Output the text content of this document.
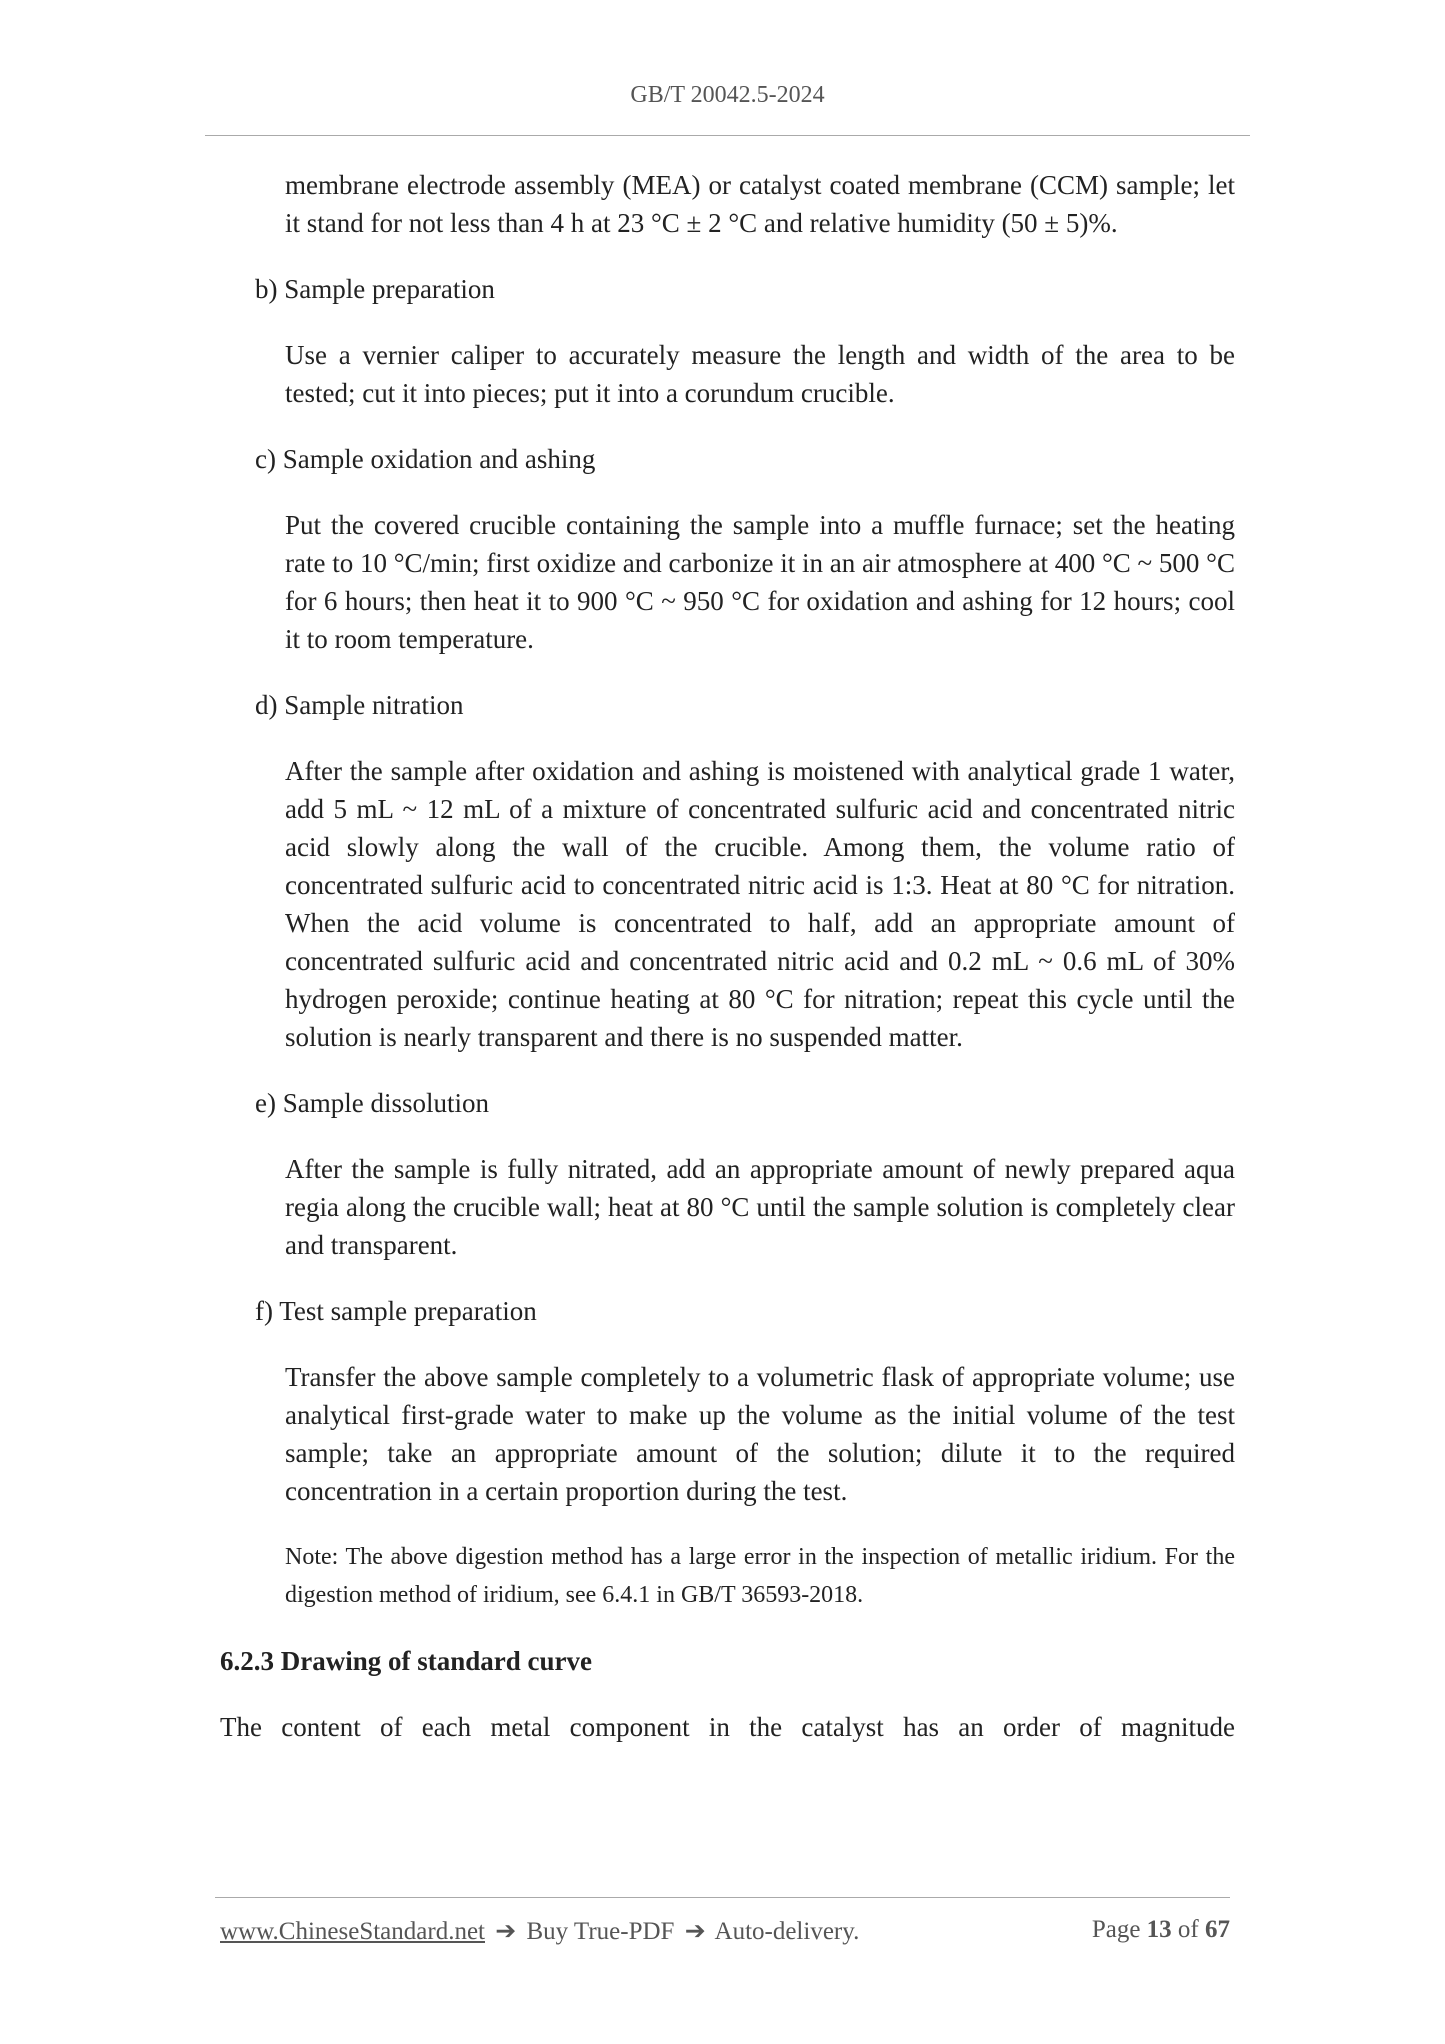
GB/T 20042.5-2024

membrane electrode assembly (MEA) or catalyst coated membrane (CCM) sample; let it stand for not less than 4 h at 23 °C ± 2 °C and relative humidity (50 ± 5)%.

b) Sample preparation

Use a vernier caliper to accurately measure the length and width of the area to be tested; cut it into pieces; put it into a corundum crucible.

c) Sample oxidation and ashing

Put the covered crucible containing the sample into a muffle furnace; set the heating rate to 10 °C/min; first oxidize and carbonize it in an air atmosphere at 400 °C ~ 500 °C for 6 hours; then heat it to 900 °C ~ 950 °C for oxidation and ashing for 12 hours; cool it to room temperature.

d) Sample nitration

After the sample after oxidation and ashing is moistened with analytical grade 1 water, add 5 mL ~ 12 mL of a mixture of concentrated sulfuric acid and concentrated nitric acid slowly along the wall of the crucible. Among them, the volume ratio of concentrated sulfuric acid to concentrated nitric acid is 1:3. Heat at 80 °C for nitration. When the acid volume is concentrated to half, add an appropriate amount of concentrated sulfuric acid and concentrated nitric acid and 0.2 mL ~ 0.6 mL of 30% hydrogen peroxide; continue heating at 80 °C for nitration; repeat this cycle until the solution is nearly transparent and there is no suspended matter.

e) Sample dissolution

After the sample is fully nitrated, add an appropriate amount of newly prepared aqua regia along the crucible wall; heat at 80 °C until the sample solution is completely clear and transparent.

f) Test sample preparation

Transfer the above sample completely to a volumetric flask of appropriate volume; use analytical first-grade water to make up the volume as the initial volume of the test sample; take an appropriate amount of the solution; dilute it to the required concentration in a certain proportion during the test.

Note: The above digestion method has a large error in the inspection of metallic iridium. For the digestion method of iridium, see 6.4.1 in GB/T 36593-2018.

6.2.3 Drawing of standard curve

The content of each metal component in the catalyst has an order of magnitude

www.ChineseStandard.net ➔ Buy True-PDF ➔ Auto-delivery.	Page 13 of 67
